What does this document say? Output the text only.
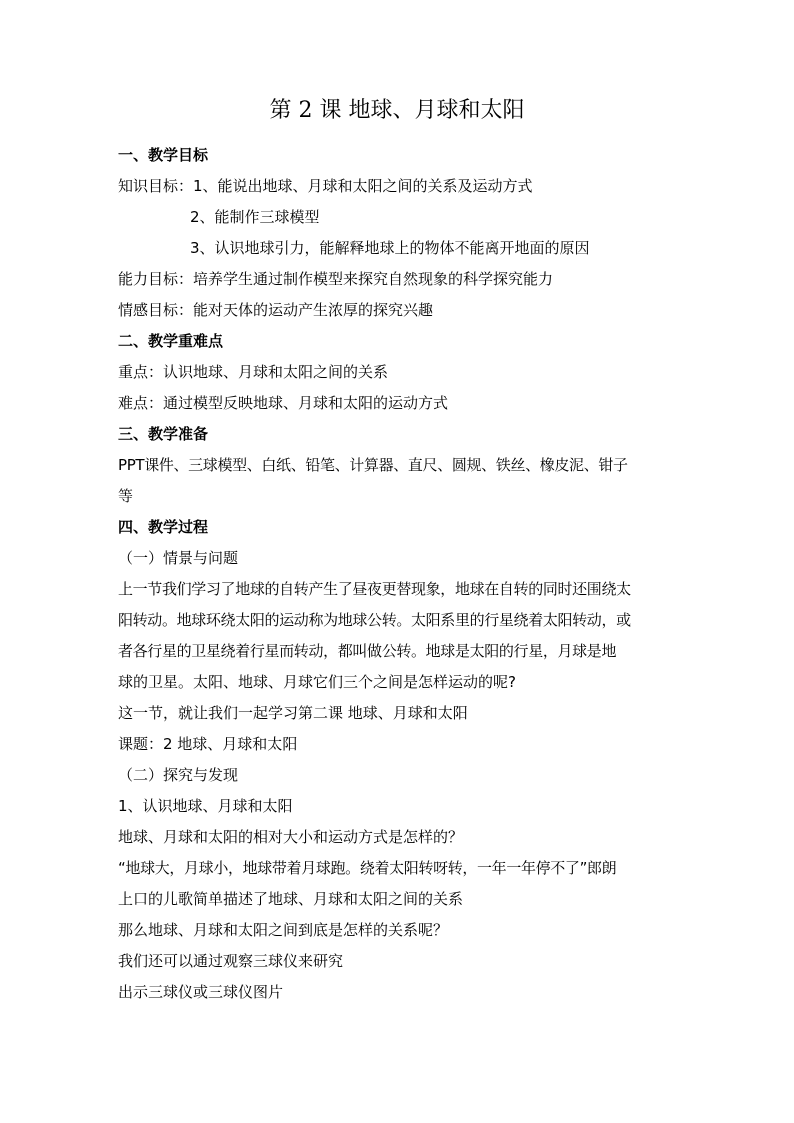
第 2 课 地球、月球和太阳
一、教学目标
知识目标：1、能说出地球、月球和太阳之间的关系及运动方式
2、能制作三球模型
3、认识地球引力，能解释地球上的物体不能离开地面的原因
能力目标：培养学生通过制作模型来探究自然现象的科学探究能力
情感目标：能对天体的运动产生浓厚的探究兴趣
二、教学重难点
重点：认识地球、月球和太阳之间的关系
难点：通过模型反映地球、月球和太阳的运动方式
三、教学准备
PPT课件、三球模型、白纸、铅笔、计算器、直尺、圆规、铁丝、橡皮泥、钳子
等
四、教学过程
（一）情景与问题
上一节我们学习了地球的自转产生了昼夜更替现象，地球在自转的同时还围绕太
阳转动。地球环绕太阳的运动称为地球公转。太阳系里的行星绕着太阳转动，或
者各行星的卫星绕着行星而转动，都叫做公转。地球是太阳的行星，月球是地
球的卫星。太阳、地球、月球它们三个之间是怎样运动的呢?
这一节，就让我们一起学习第二课 地球、月球和太阳
课题：2 地球、月球和太阳
（二）探究与发现
1、认识地球、月球和太阳
地球、月球和太阳的相对大小和运动方式是怎样的？
“地球大，月球小，地球带着月球跑。绕着太阳转呀转，一年一年停不了”郎朗
上口的儿歌简单描述了地球、月球和太阳之间的关系
那么地球、月球和太阳之间到底是怎样的关系呢？
我们还可以通过观察三球仪来研究
出示三球仪或三球仪图片
